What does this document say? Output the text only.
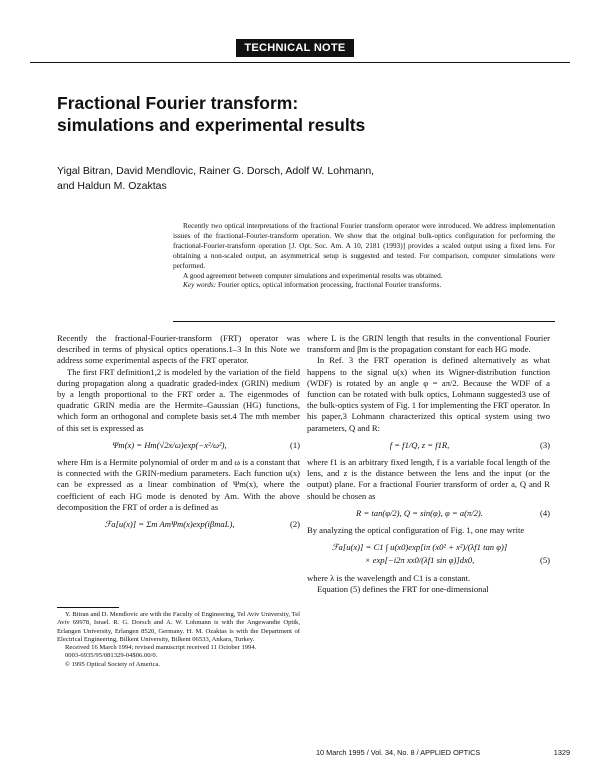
TECHNICAL NOTE
Fractional Fourier transform:
simulations and experimental results
Yigal Bitran, David Mendlovic, Rainer G. Dorsch, Adolf W. Lohmann,
and Haldun M. Ozaktas

Recently two optical interpretations of the fractional Fourier transform operator were introduced. We address implementation issues of the fractional-Fourier-transform operation. We show that the original bulk-optics configuration for performing the fractional-Fourier-transform operation [J. Opt. Soc. Am. A 10, 2181 (1993)] provides a scaled output using a fixed lens. For obtaining a non-scaled output, an asymmetrical setup is suggested and tested. For comparison, computer simulations were performed.

A good agreement between computer simulations and experimental results was obtained.

Key words: Fourier optics, optical information processing, fractional Fourier transforms.

Recently the fractional-Fourier-transform (FRT) operator was described in terms of physical optics operations.1–3 In this Note we address some experimental aspects of the FRT operator.

The first FRT definition1,2 is modeled by the variation of the field during propagation along a quadratic graded-index (GRIN) medium by a length proportional to the FRT order a. The eigenmodes of quadratic GRIN media are the Hermite–Gaussian (HG) functions, which form an orthogonal and complete basis set.4 The mth member of this set is expressed as

Ψm(x) = Hm(√2x/ω)exp(−x²/ω²),	(1)

where Hm is a Hermite polynomial of order m and ω is a constant that is connected with the GRIN-medium parameters. Each function u(x) can be expressed as a linear combination of Ψm(x), where the coefficient of each HG mode is denoted by Am. With the above decomposition the FRT of order a is defined as

ℱa[u(x)] = Σm AmΨm(x)exp(iβmaL),	(2)

where L is the GRIN length that results in the conventional Fourier transform and βm is the propagation constant for each HG mode.

In Ref. 3 the FRT operation is defined alternatively as what happens to the signal u(x) when its Wigner-distribution function (WDF) is rotated by an angle φ = aπ/2. Because the WDF of a function can be rotated with bulk optics, Lohmann suggested3 use of the bulk-optics system of Fig. 1 for implementing the FRT operator. In his paper,3 Lohmann characterized this optical system using two parameters, Q and R:

f = f1/Q, z = f1R,	(3)

where f1 is an arbitrary fixed length, f is a variable focal length of the lens, and z is the distance between the lens and the input (or the output) plane. For a fractional Fourier transform of order a, Q and R should be chosen as

R = tan(φ/2), Q = sin(φ), φ = a(π/2).	(4)

By analyzing the optical configuration of Fig. 1, one may write

ℱa[u(x)] = C1 ∫ u(x0)exp[iπ (x0² + x²)/(λf1 tan φ)]
× exp[−i2π xx0/(λf1 sin φ)]dx0,	(5)

where λ is the wavelength and C1 is a constant.

Equation (5) defines the FRT for one-dimensional

Y. Bitran and D. Mendlovic are with the Faculty of Engineering, Tel Aviv University, Tel Aviv 69978, Israel. R. G. Dorsch and A. W. Lohmann is with the Angewandte Optik, Erlangen University, Erlangen 8520, Germany. H. M. Ozaktas is with the Department of Electrical Engineering, Bilkent University, Bilkent 06533, Ankara, Turkey.

Received 16 March 1994; revised manuscript received 11 October 1994.

0003-6935/95/081329-04$06.00/0.

© 1995 Optical Society of America.

10 March 1995 / Vol. 34, No. 8 / APPLIED OPTICS	1329
